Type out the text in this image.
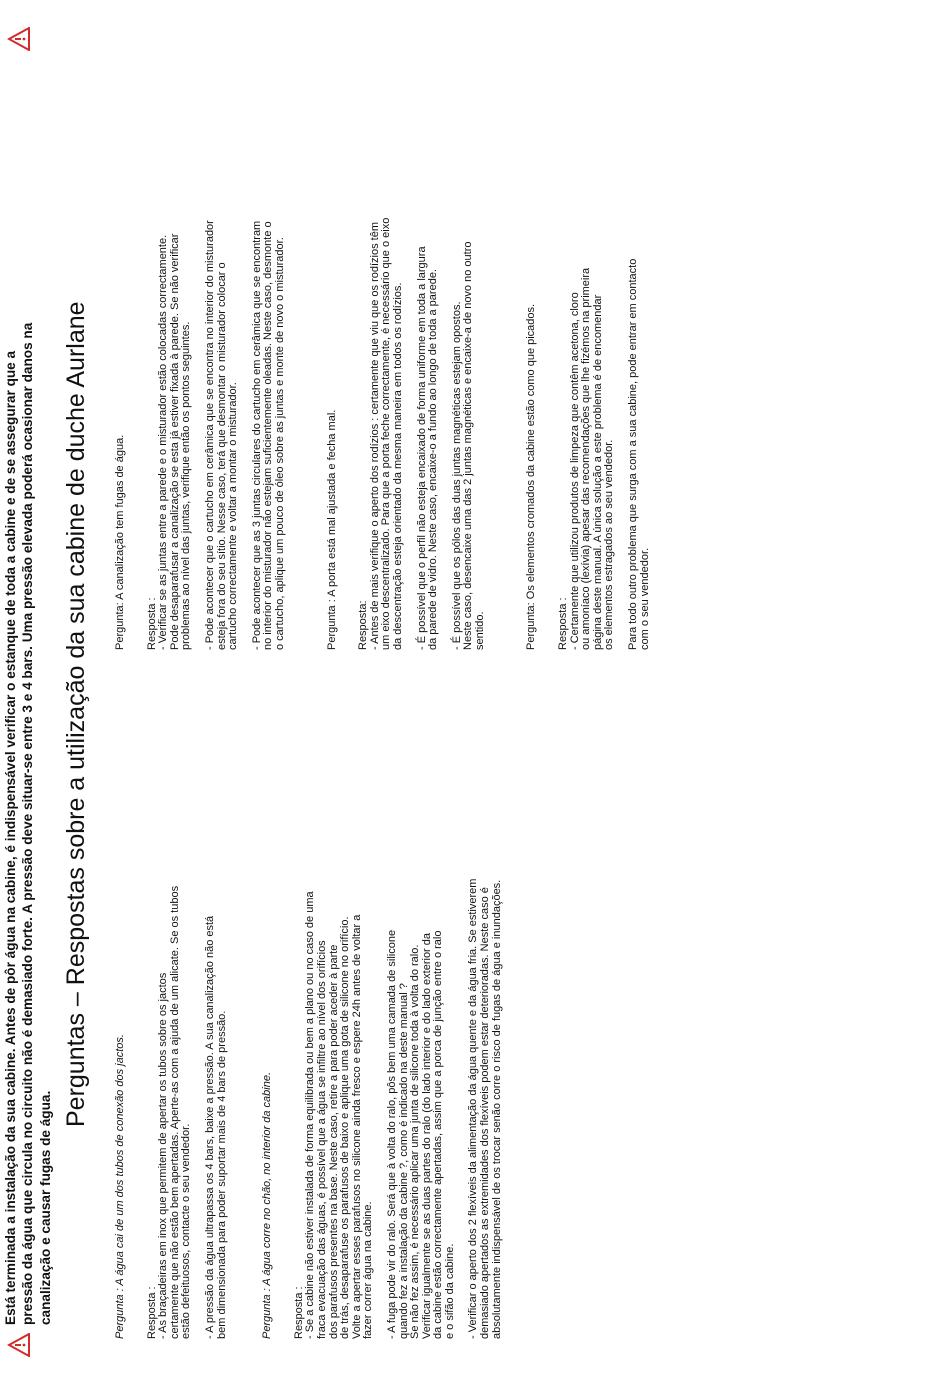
Está terminada a instalação da sua cabine. Antes de pôr água na cabine, é indispensável verificar o estanque de toda a cabine e de se assegurar que a pressão da água que circula no circuito não é demasiado forte. A pressão deve situar-se entre 3 e 4 bars. Uma pressão elevada poderá ocasionar danos na canalização e causar fugas de água.
Perguntas – Respostas sobre a utilização da sua cabine de duche Aurlane
Pergunta : A água cai de um dos tubos de conexão dos jactos. Resposta : - As braçadeiras em inox que permitem de apertar os tubos sobre os jactos
certamente que não estão bem apertadas. Aperte-as com a ajuda de um alicate. Se os tubos
estão defeituosos, contacte o seu vendedor.
- A pressão da água ultrapassa os 4 bars, baixe a pressão. A sua canalização não está
bem dimensionada para poder suportar mais de 4 bars de pressão.
Pergunta : A água corre no chão, no interior da cabine. Resposta : - Se a cabine não estiver instalada de forma equilibrada ou bem a plano ou no caso de uma
fraca evacuação das águas, é possível que a água se infiltre ao nível dos orifícios
dos parafusos presentes na base. Neste caso, retire a para poder aceder à parte
de trás, desaparafuse os parafusos de baixo e aplique uma gota de silicone no orifício.
Volte a apertar esses parafusos no silicone ainda fresco e espere 24h antes de voltar a
fazer correr água na cabine.
- A fuga pode vir do ralo. Será que à volta do ralo, pôs bem uma camada de silicone
quando fez a instalação da cabine ?, como é indicado na deste manual ?
Se não fez assim, é necessário aplicar uma junta de silicone toda à volta do ralo.
Verificar igualmente se as duas partes do ralo (do lado interior e do lado exterior da
da cabine estão correctamente apertadas, assim que a porca de junção entre o ralo
e o sifão da cabine.
- Verificar o aperto dos 2 flexíveis da alimentação da água quente e da água fria. Se estiverem
demasiado apertados as extremidades dos flexíveis podem estar deterioradas. Neste caso é
absolutamente indispensável de os trocar senão corre o risco de fugas de água e inundações.
Pergunta: A canalização tem fugas de água. Resposta : - Verificar se as juntas entre a parede e o misturador estão colocadas correctamente.
Pode desaparafusar a canalização se esta já estiver fixada à parede. Se não verificar
problemas ao nível das juntas, verifique então os pontos seguintes.
- Pode acontecer que o cartucho em cerâmica que se encontra no interior do misturador
esteja fora do seu sítio. Nesse caso, terá que desmontar o misturador colocar o
cartucho correctamente e voltar a montar o misturador.
- Pode acontecer que as 3 juntas circulares do cartucho em cerâmica que se encontram
no interior do misturador não estejam suficientemente oleadas. Neste caso, desmonte o
o cartucho, aplique um pouco de óleo sobre as juntas e monte de novo o misturador.
Pergunta : A porta está mal ajustada e fecha mal. Resposta: - Antes de mais verifique o aperto dos rodízios : certamente que viu que os rodízios têm
um eixo descentralizado. Para que a porta feche correctamente, é necessário que o eixo
da descentração esteja orientado da mesma maneira em todos os rodízios.
- É possível que o perfil não esteja encaixado de forma uniforme em toda a largura
da parede de vidro. Neste caso, encaixe-o a fundo ao longo de toda a parede.
- É possível que os pólos das duas juntas magnéticas estejam opostos.
Neste caso, desencaixe uma das 2 juntas magnéticas e encaixe-a de novo no outro
sentido.	Pergunta: Os elementos cromados da cabine estão como que picados. Resposta : - Certamente que utilizou produtos de limpeza que contêm acetona, cloro
ou amoníaco (lexívia) apesar das recomendações que lhe fizémos na primeira
página deste manual. A única solução a este problema é de encomendar
os elementos estragados ao seu vendedor.
Para todo outro problema que surga com a sua cabine, pode entrar em contacto
com o seu vendedor.
